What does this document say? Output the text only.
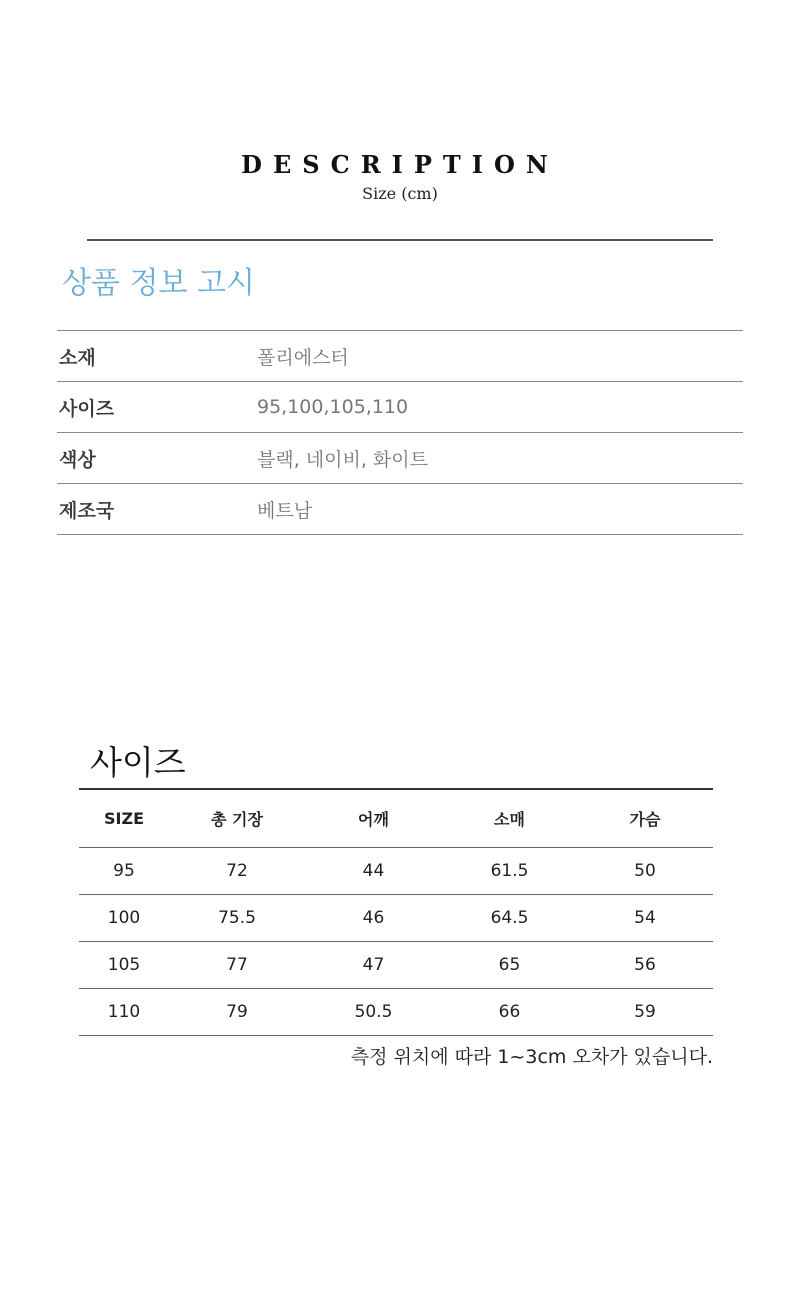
DESCRIPTION
Size (cm)
상품 정보 고시
소재	폴리에스터
사이즈	95,100,105,110
색상	블랙, 네이비, 화이트
제조국	베트남
사이즈
SIZE	총 기장	어깨	소매	가슴
95	72	44	61.5	50
100	75.5	46	64.5	54
105	77	47	65	56
110	79	50.5	66	59
측정 위치에 따라 1~3cm 오차가 있습니다.
